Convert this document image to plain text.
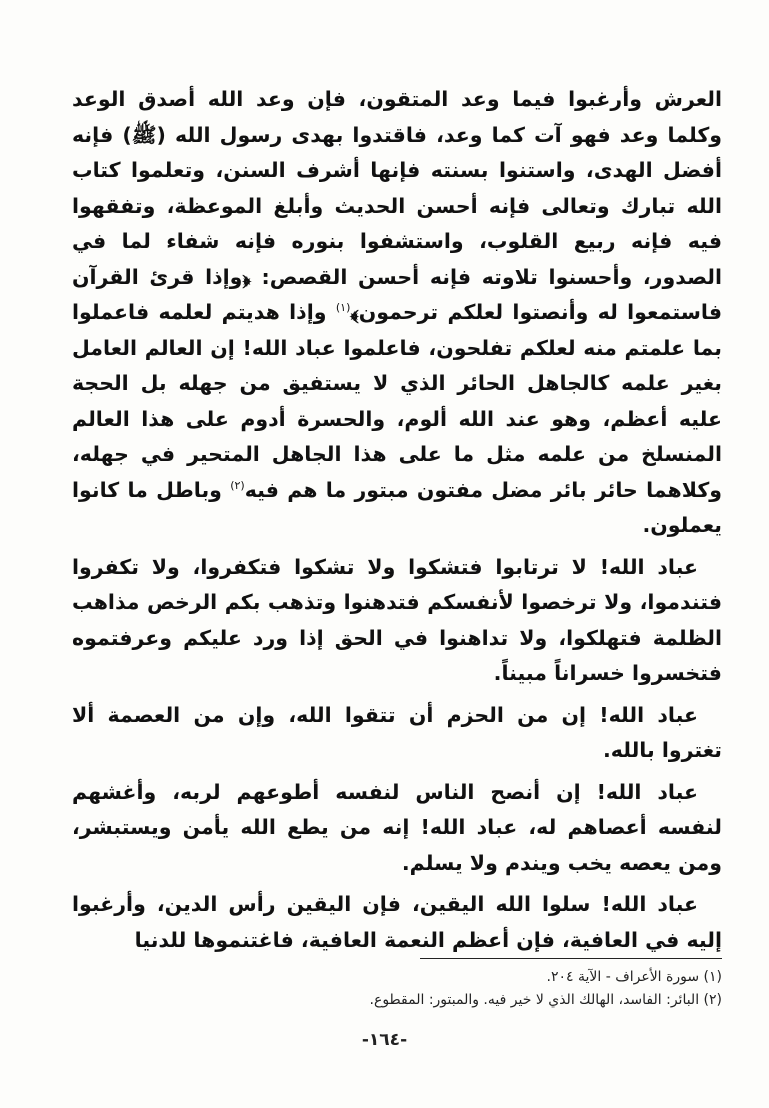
العرش وأرغبوا فيما وعد المتقون، فإن وعد الله أصدق الوعد وكلما وعد فهو آت كما وعد، فاقتدوا بهدى رسول الله (ﷺ) فإنه أفضل الهدى، واستنوا بسنته فإنها أشرف السنن، وتعلموا كتاب الله تبارك وتعالى فإنه أحسن الحديث وأبلغ الموعظة، وتفقهوا فيه فإنه ربيع القلوب، واستشفوا بنوره فإنه شفاء لما في الصدور، وأحسنوا تلاوته فإنه أحسن القصص: ﴿وإذا قرئ القرآن فاستمعوا له وأنصتوا لعلكم ترحمون﴾$^{(١)}$ وإذا هديتم لعلمه فاعملوا بما علمتم منه لعلكم تفلحون، فاعلموا عباد الله! إن العالم العامل بغير علمه كالجاهل الحائر الذي لا يستفيق من جهله بل الحجة عليه أعظم، وهو عند الله ألوم، والحسرة أدوم على هذا العالم المنسلخ من علمه مثل ما على هذا الجاهل المتحير في جهله، وكلاهما حائر بائر مضل مفتون مبتور ما هم فيه$^{(٢)}$ وباطل ما كانوا يعملون.

عباد الله! لا ترتابوا فتشكوا ولا تشكوا فتكفروا، ولا تكفروا فتندموا، ولا ترخصوا لأنفسكم فتدهنوا وتذهب بكم الرخص مذاهب الظلمة فتهلكوا، ولا تداهنوا في الحق إذا ورد عليكم وعرفتموه فتخسروا خسراناً مبيناً.

عباد الله! إن من الحزم أن تتقوا الله، وإن من العصمة ألا تغتروا بالله.

عباد الله! إن أنصح الناس لنفسه أطوعهم لربه، وأغشهم لنفسه أعصاهم له، عباد الله! إنه من يطع الله يأمن ويستبشر، ومن يعصه يخب ويندم ولا يسلم.

عباد الله! سلوا الله اليقين، فإن اليقين رأس الدين، وأرغبوا إليه في العافية، فإن أعظم النعمة العافية، فاغتنموها للدنيا

(١) سورة الأعراف - الآية ٢٠٤.
(٢) البائر: الفاسد، الهالك الذي لا خير فيه. والمبتور: المقطوع.
-١٦٤-
